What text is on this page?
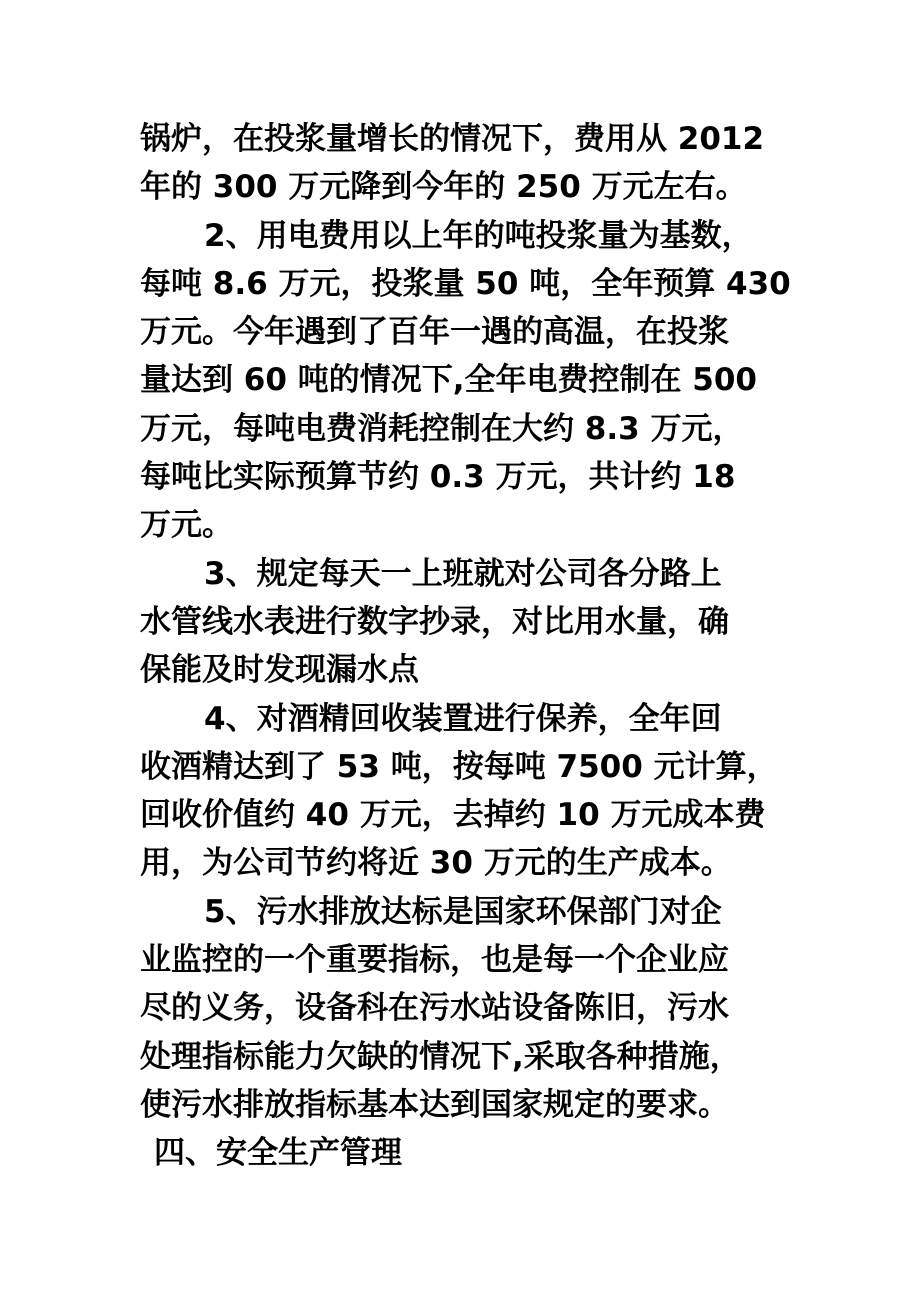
锅炉，在投浆量增长的情况下，费用从 2012
年的 300 万元降到今年的 250 万元左右。
2、用电费用以上年的吨投浆量为基数，
每吨 8.6 万元，投浆量 50 吨，全年预算 430
万元。今年遇到了百年一遇的高温，在投浆
量达到 60 吨的情况下,全年电费控制在 500
万元，每吨电费消耗控制在大约 8.3 万元，
每吨比实际预算节约 0.3 万元，共计约 18
万元。
3、规定每天一上班就对公司各分路上
水管线水表进行数字抄录，对比用水量，确
保能及时发现漏水点
4、对酒精回收装置进行保养，全年回
收酒精达到了 53 吨，按每吨 7500 元计算，
回收价值约 40 万元，去掉约 10 万元成本费
用，为公司节约将近 30 万元的生产成本。
5、污水排放达标是国家环保部门对企
业监控的一个重要指标，也是每一个企业应
尽的义务，设备科在污水站设备陈旧，污水
处理指标能力欠缺的情况下,采取各种措施，
使污水排放指标基本达到国家规定的要求。
四、安全生产管理
